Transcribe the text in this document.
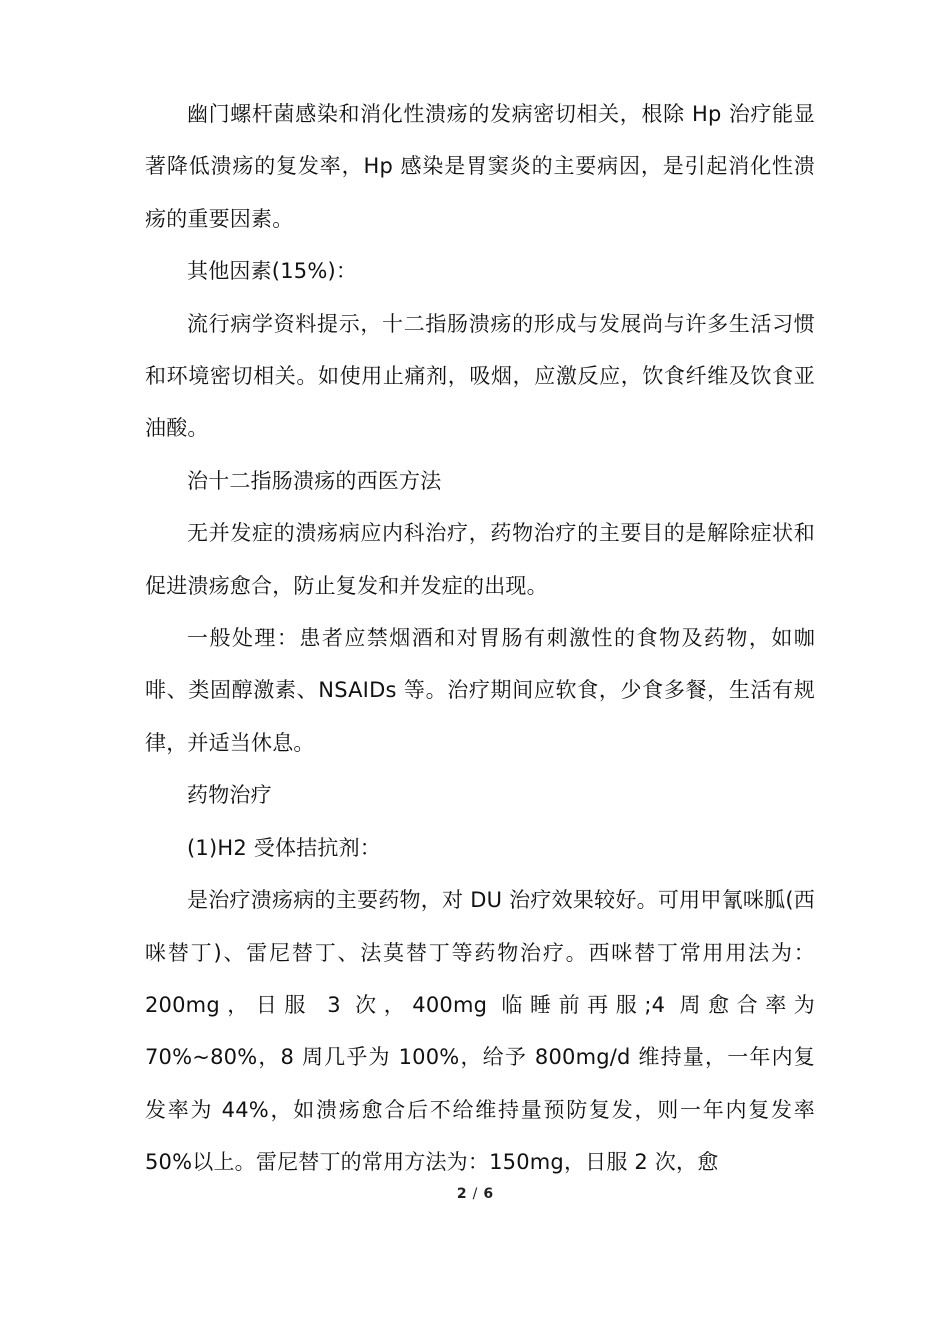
幽门螺杆菌感染和消化性溃疡的发病密切相关，根除 Hp 治疗能显著降低溃疡的复发率，Hp 感染是胃窦炎的主要病因，是引起消化性溃疡的重要因素。

其他因素(15%)：

流行病学资料提示，十二指肠溃疡的形成与发展尚与许多生活习惯和环境密切相关。如使用止痛剂，吸烟，应激反应，饮食纤维及饮食亚油酸。

治十二指肠溃疡的西医方法

无并发症的溃疡病应内科治疗，药物治疗的主要目的是解除症状和促进溃疡愈合，防止复发和并发症的出现。

一般处理：患者应禁烟酒和对胃肠有刺激性的食物及药物，如咖啡、类固醇激素、NSAIDs 等。治疗期间应软食，少食多餐，生活有规律，并适当休息。

药物治疗

(1)H2 受体拮抗剂：

是治疗溃疡病的主要药物，对 DU 治疗效果较好。可用甲氰咪胍(西咪替丁)、雷尼替丁、法莫替丁等药物治疗。西咪替丁常用用法为： 200mg，日服 3 次，400mg 临睡前再服;4 周愈合率为 70%~80%，8 周几乎为 100%，给予 800mg/d 维持量，一年内复发率为 44%，如溃疡愈合后不给维持量预防复发，则一年内复发率 50%以上。雷尼替丁的常用方法为：150mg，日服 2 次，愈

2 / 6
